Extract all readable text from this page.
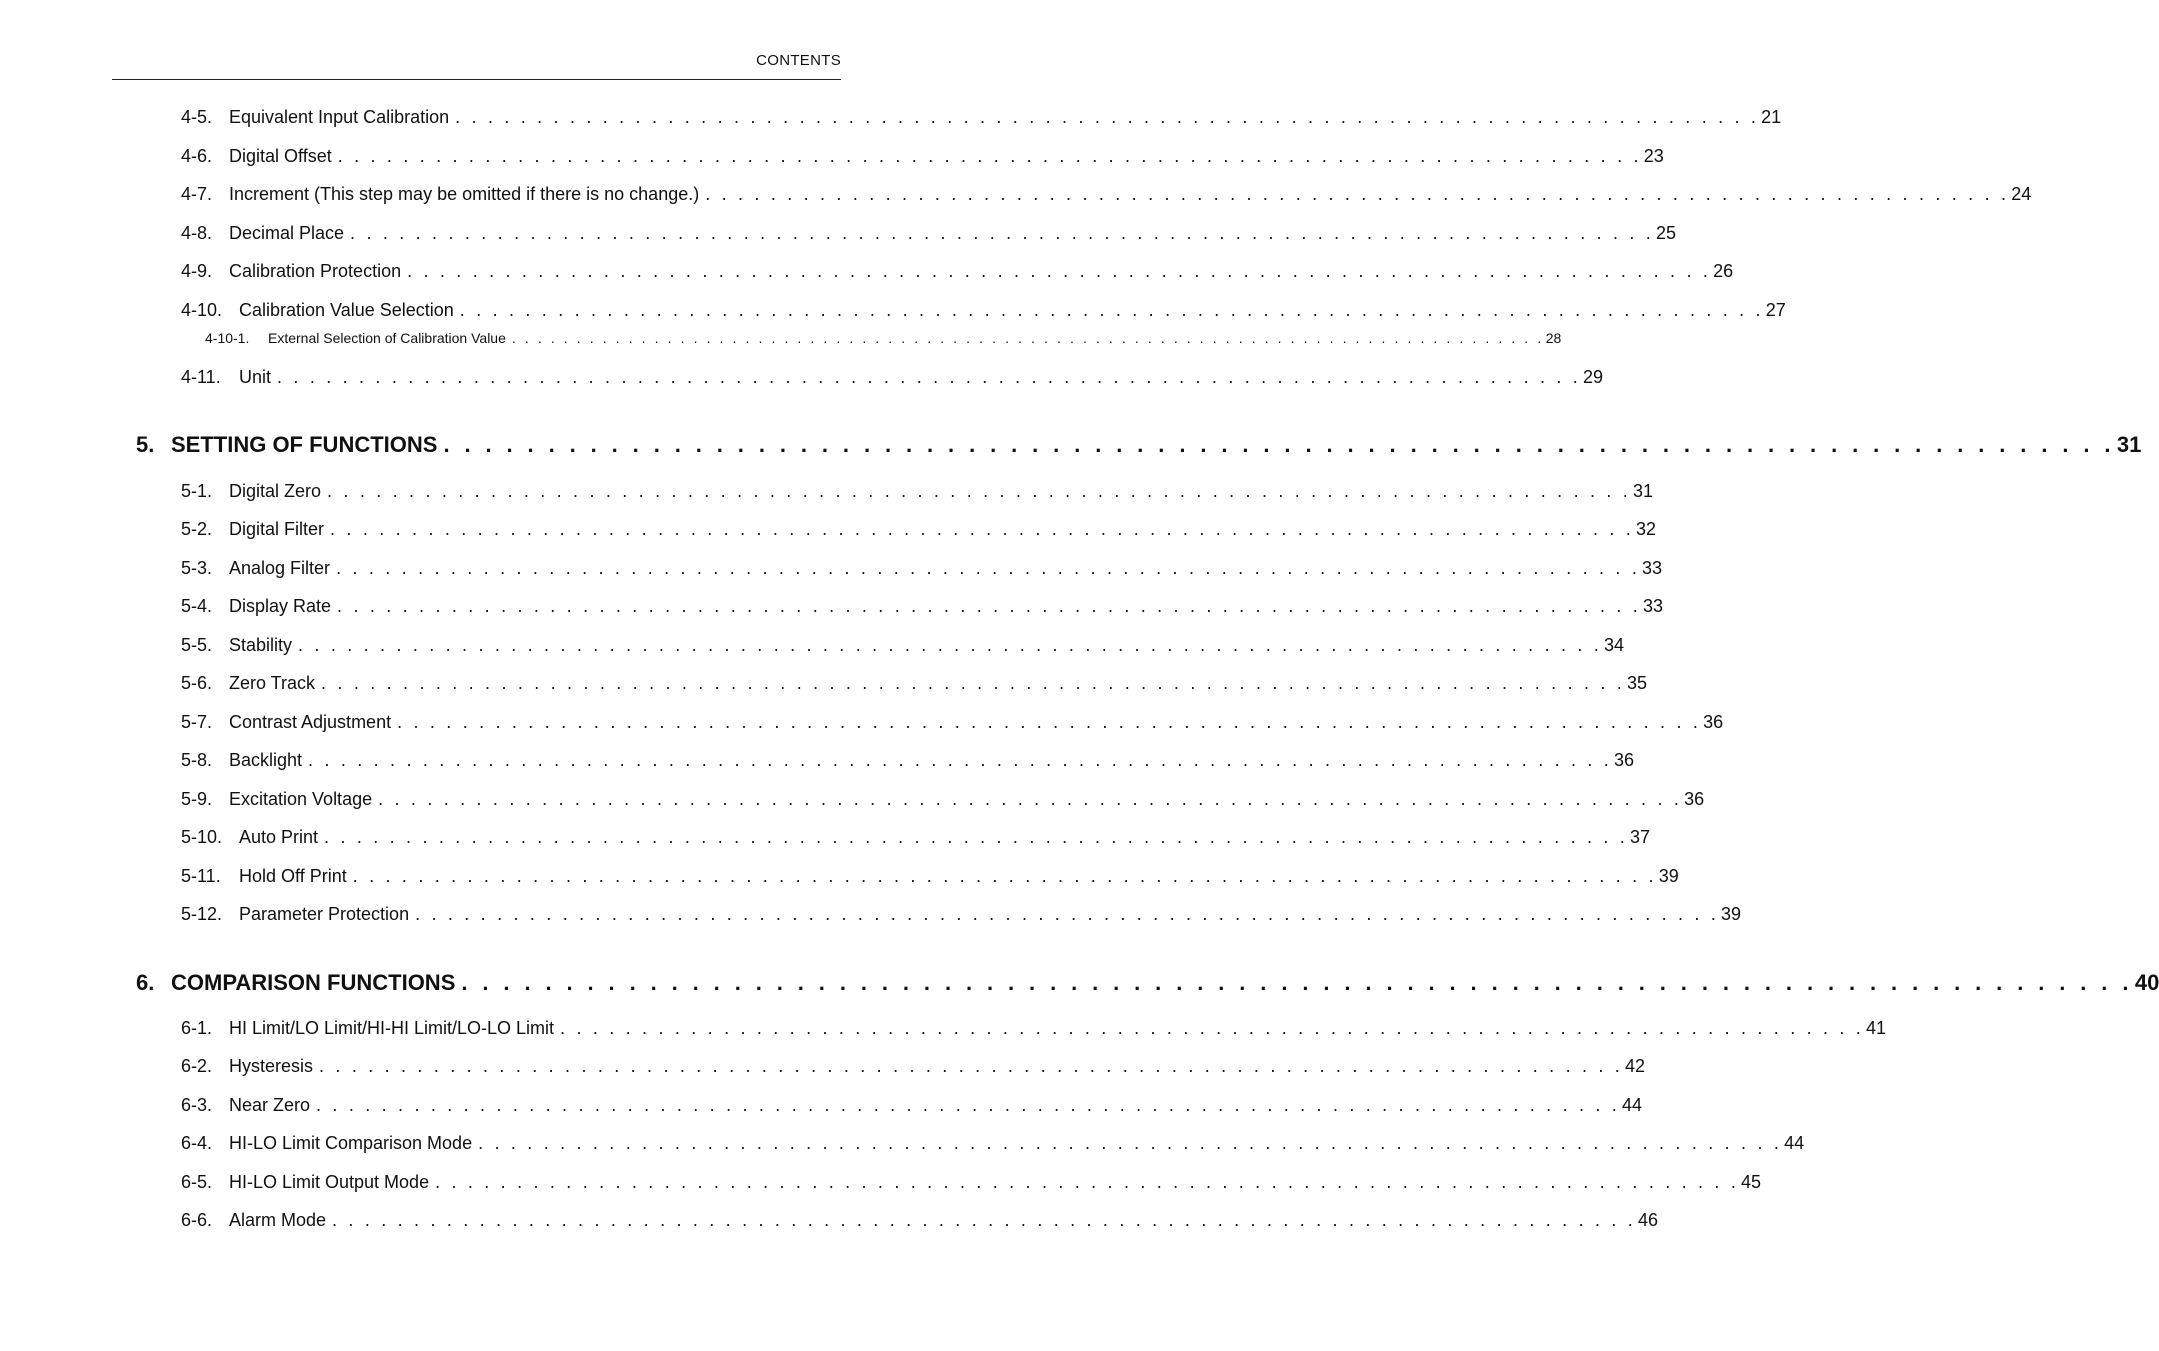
CONTENTS
4-5. Equivalent Input Calibration . . . . . . . . . . . . . . . . . . . . . . . . . . . . . . . . . . . . . . . . . . . . . . . . . . . . . . . . . . . . . . . . . . . . . . . . . . . . . . . . 21
4-6. Digital Offset . . . . . . . . . . . . . . . . . . . . . . . . . . . . . . . . . . . . . . . . . . . . . . . . . . . . . . . . . . . . . . . . . . . . . . . . . . . . . . . . 23
4-7. Increment (This step may be omitted if there is no change.) . . . . . . . . . . . . . . . . . . . . . . . . . . . . . . . . . . . . . . . . . . . . . . . . . . . . . . . . . . . . . . . . . . . . . . . . . . . . . . . . 24
4-8. Decimal Place . . . . . . . . . . . . . . . . . . . . . . . . . . . . . . . . . . . . . . . . . . . . . . . . . . . . . . . . . . . . . . . . . . . . . . . . . . . . . . . . 25
4-9. Calibration Protection . . . . . . . . . . . . . . . . . . . . . . . . . . . . . . . . . . . . . . . . . . . . . . . . . . . . . . . . . . . . . . . . . . . . . . . . . . . . . . . . 26
4-10. Calibration Value Selection . . . . . . . . . . . . . . . . . . . . . . . . . . . . . . . . . . . . . . . . . . . . . . . . . . . . . . . . . . . . . . . . . . . . . . . . . . . . . . . . 27
4-10-1.	External Selection of Calibration Value . . . . . . . . . . . . . . . . . . . . . . . . . . . . . . . . . . . . . . . . . . . . . . . . . . . . . . . . . . . . . . . . . . . . . . . . . . . . . . . . 28
4-11.	Unit . . . . . . . . . . . . . . . . . . . . . . . . . . . . . . . . . . . . . . . . . . . . . . . . . . . . . . . . . . . . . . . . . . . . . . . . . . . . . . . . 29
5. SETTING OF FUNCTIONS . . . . . . . . . . . . . . . . . . . . . . . . . . . . . . . . . . . . . . . . . . . . . . . . . . . . . . . . . . . . . . . . . . . . . . . . . . . . . . . . 31
5-1. Digital Zero . . . . . . . . . . . . . . . . . . . . . . . . . . . . . . . . . . . . . . . . . . . . . . . . . . . . . . . . . . . . . . . . . . . . . . . . . . . . . . . . 31
5-2. Digital Filter . . . . . . . . . . . . . . . . . . . . . . . . . . . . . . . . . . . . . . . . . . . . . . . . . . . . . . . . . . . . . . . . . . . . . . . . . . . . . . . . 32
5-3. Analog Filter . . . . . . . . . . . . . . . . . . . . . . . . . . . . . . . . . . . . . . . . . . . . . . . . . . . . . . . . . . . . . . . . . . . . . . . . . . . . . . . . 33
5-4. Display Rate . . . . . . . . . . . . . . . . . . . . . . . . . . . . . . . . . . . . . . . . . . . . . . . . . . . . . . . . . . . . . . . . . . . . . . . . . . . . . . . . 33
5-5. Stability . . . . . . . . . . . . . . . . . . . . . . . . . . . . . . . . . . . . . . . . . . . . . . . . . . . . . . . . . . . . . . . . . . . . . . . . . . . . . . . . 34
5-6. Zero Track . . . . . . . . . . . . . . . . . . . . . . . . . . . . . . . . . . . . . . . . . . . . . . . . . . . . . . . . . . . . . . . . . . . . . . . . . . . . . . . . 35
5-7. Contrast Adjustment . . . . . . . . . . . . . . . . . . . . . . . . . . . . . . . . . . . . . . . . . . . . . . . . . . . . . . . . . . . . . . . . . . . . . . . . . . . . . . . . 36
5-8. Backlight . . . . . . . . . . . . . . . . . . . . . . . . . . . . . . . . . . . . . . . . . . . . . . . . . . . . . . . . . . . . . . . . . . . . . . . . . . . . . . . . 36
5-9. Excitation Voltage . . . . . . . . . . . . . . . . . . . . . . . . . . . . . . . . . . . . . . . . . . . . . . . . . . . . . . . . . . . . . . . . . . . . . . . . . . . . . . . . 36
5-10. Auto Print . . . . . . . . . . . . . . . . . . . . . . . . . . . . . . . . . . . . . . . . . . . . . . . . . . . . . . . . . . . . . . . . . . . . . . . . . . . . . . . . 37
5-11.	Hold Off Print . . . . . . . . . . . . . . . . . . . . . . . . . . . . . . . . . . . . . . . . . . . . . . . . . . . . . . . . . . . . . . . . . . . . . . . . . . . . . . . . 39
5-12. Parameter Protection . . . . . . . . . . . . . . . . . . . . . . . . . . . . . . . . . . . . . . . . . . . . . . . . . . . . . . . . . . . . . . . . . . . . . . . . . . . . . . . . 39
6. COMPARISON FUNCTIONS . . . . . . . . . . . . . . . . . . . . . . . . . . . . . . . . . . . . . . . . . . . . . . . . . . . . . . . . . . . . . . . . . . . . . . . . . . . . . . . . 40
6-1. HI Limit/LO Limit/HI-HI Limit/LO-LO Limit . . . . . . . . . . . . . . . . . . . . . . . . . . . . . . . . . . . . . . . . . . . . . . . . . . . . . . . . . . . . . . . . . . . . . . . . . . . . . . . . 41
6-2. Hysteresis . . . . . . . . . . . . . . . . . . . . . . . . . . . . . . . . . . . . . . . . . . . . . . . . . . . . . . . . . . . . . . . . . . . . . . . . . . . . . . . . 42
6-3. Near Zero . . . . . . . . . . . . . . . . . . . . . . . . . . . . . . . . . . . . . . . . . . . . . . . . . . . . . . . . . . . . . . . . . . . . . . . . . . . . . . . . 44
6-4. HI-LO Limit Comparison Mode . . . . . . . . . . . . . . . . . . . . . . . . . . . . . . . . . . . . . . . . . . . . . . . . . . . . . . . . . . . . . . . . . . . . . . . . . . . . . . . . 44
6-5. HI-LO Limit Output Mode . . . . . . . . . . . . . . . . . . . . . . . . . . . . . . . . . . . . . . . . . . . . . . . . . . . . . . . . . . . . . . . . . . . . . . . . . . . . . . . . 45
6-6. Alarm Mode . . . . . . . . . . . . . . . . . . . . . . . . . . . . . . . . . . . . . . . . . . . . . . . . . . . . . . . . . . . . . . . . . . . . . . . . . . . . . . . . 46
